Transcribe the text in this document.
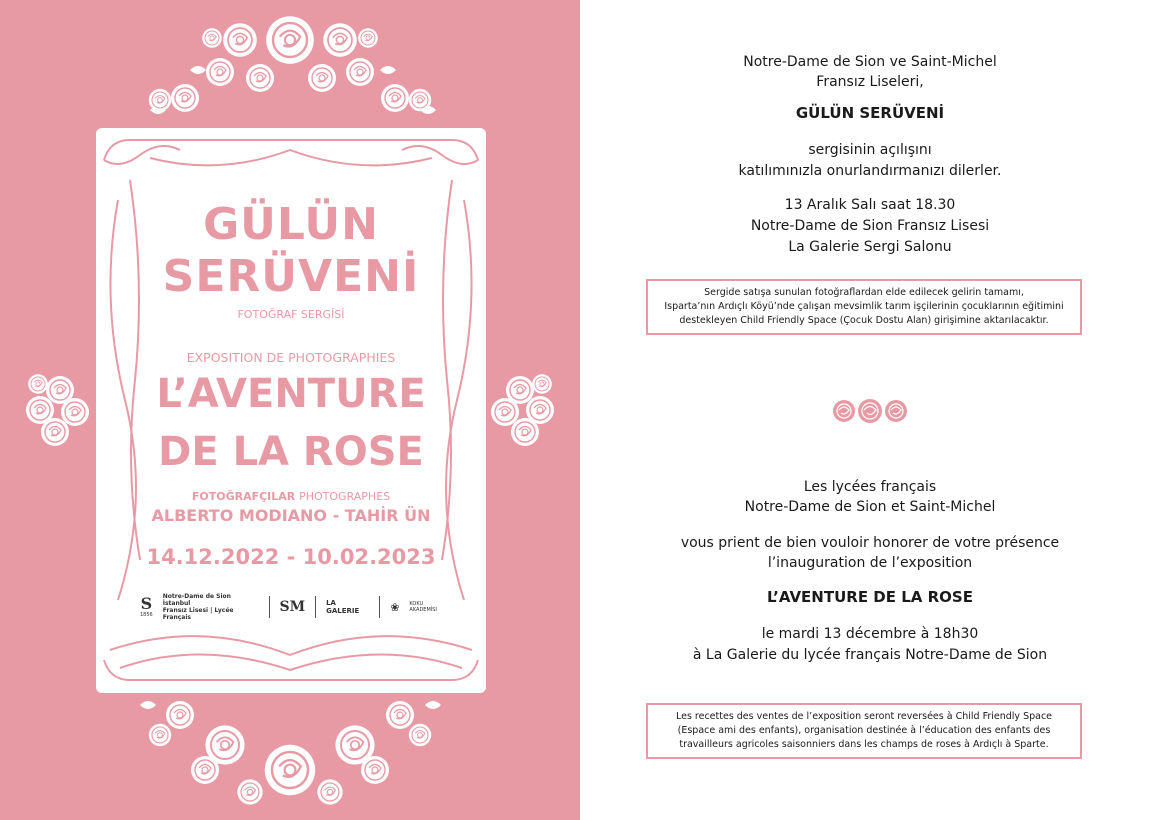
GÜLÜN
SERÜVENİ
FOTOĞRAF SERGİSİ
EXPOSITION DE PHOTOGRAPHIES
L’AVENTURE
DE LA ROSE
FOTOĞRAFÇILAR PHOTOGRAPHES
ALBERTO MODIANO - TAHİR ÜN
14.12.2022 - 10.02.2023
S
1856
Notre-Dame de Sion İstanbul
Fransız Lisesi | Lycée Français
SM	LA GALERIE	❀ KOKU AKADEMİSİ
Notre-Dame de Sion ve Saint-Michel
Fransız Liseleri,
GÜLÜN SERÜVENİ
sergisinin açılışını
katılımınızla onurlandırmanızı dilerler.
13 Aralık Salı saat 18.30
Notre-Dame de Sion Fransız Lisesi
La Galerie Sergi Salonu
Sergide satışa sunulan fotoğraflardan elde edilecek gelirin tamamı,
Isparta’nın Ardıçlı Köyü’nde çalışan mevsimlik tarım işçilerinin çocuklarının eğitimini
destekleyen Child Friendly Space (Çocuk Dostu Alan) girişimine aktarılacaktır.
Les lycées français
Notre-Dame de Sion et Saint-Michel
vous prient de bien vouloir honorer de votre présence
l’inauguration de l’exposition
L’AVENTURE DE LA ROSE
le mardi 13 décembre à 18h30
à La Galerie du lycée français Notre-Dame de Sion
Les recettes des ventes de l’exposition seront reversées à Child Friendly Space
(Espace ami des enfants), organisation destinée à l’éducation des enfants des
travailleurs agricoles saisonniers dans les champs de roses à Ardıçlı à Sparte.
